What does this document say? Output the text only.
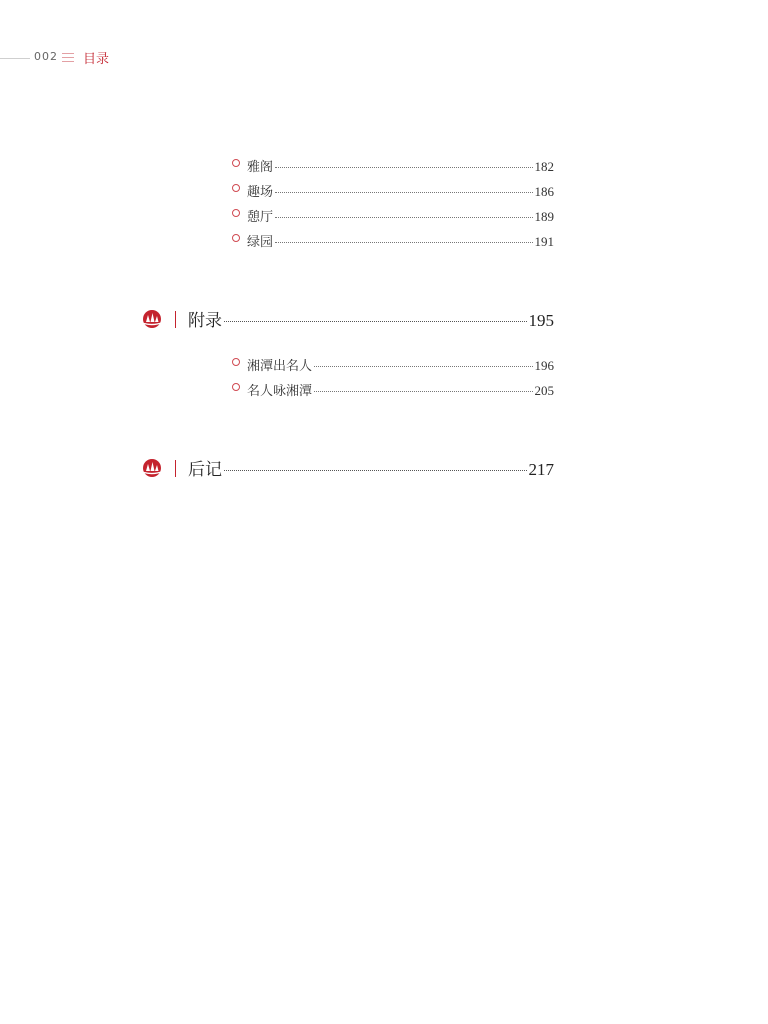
002 目录
雅阁	182
趣场	186
憩厅	189
绿园	191
附录	195
湘潭出名人	196
名人咏湘潭	205
后记	217
